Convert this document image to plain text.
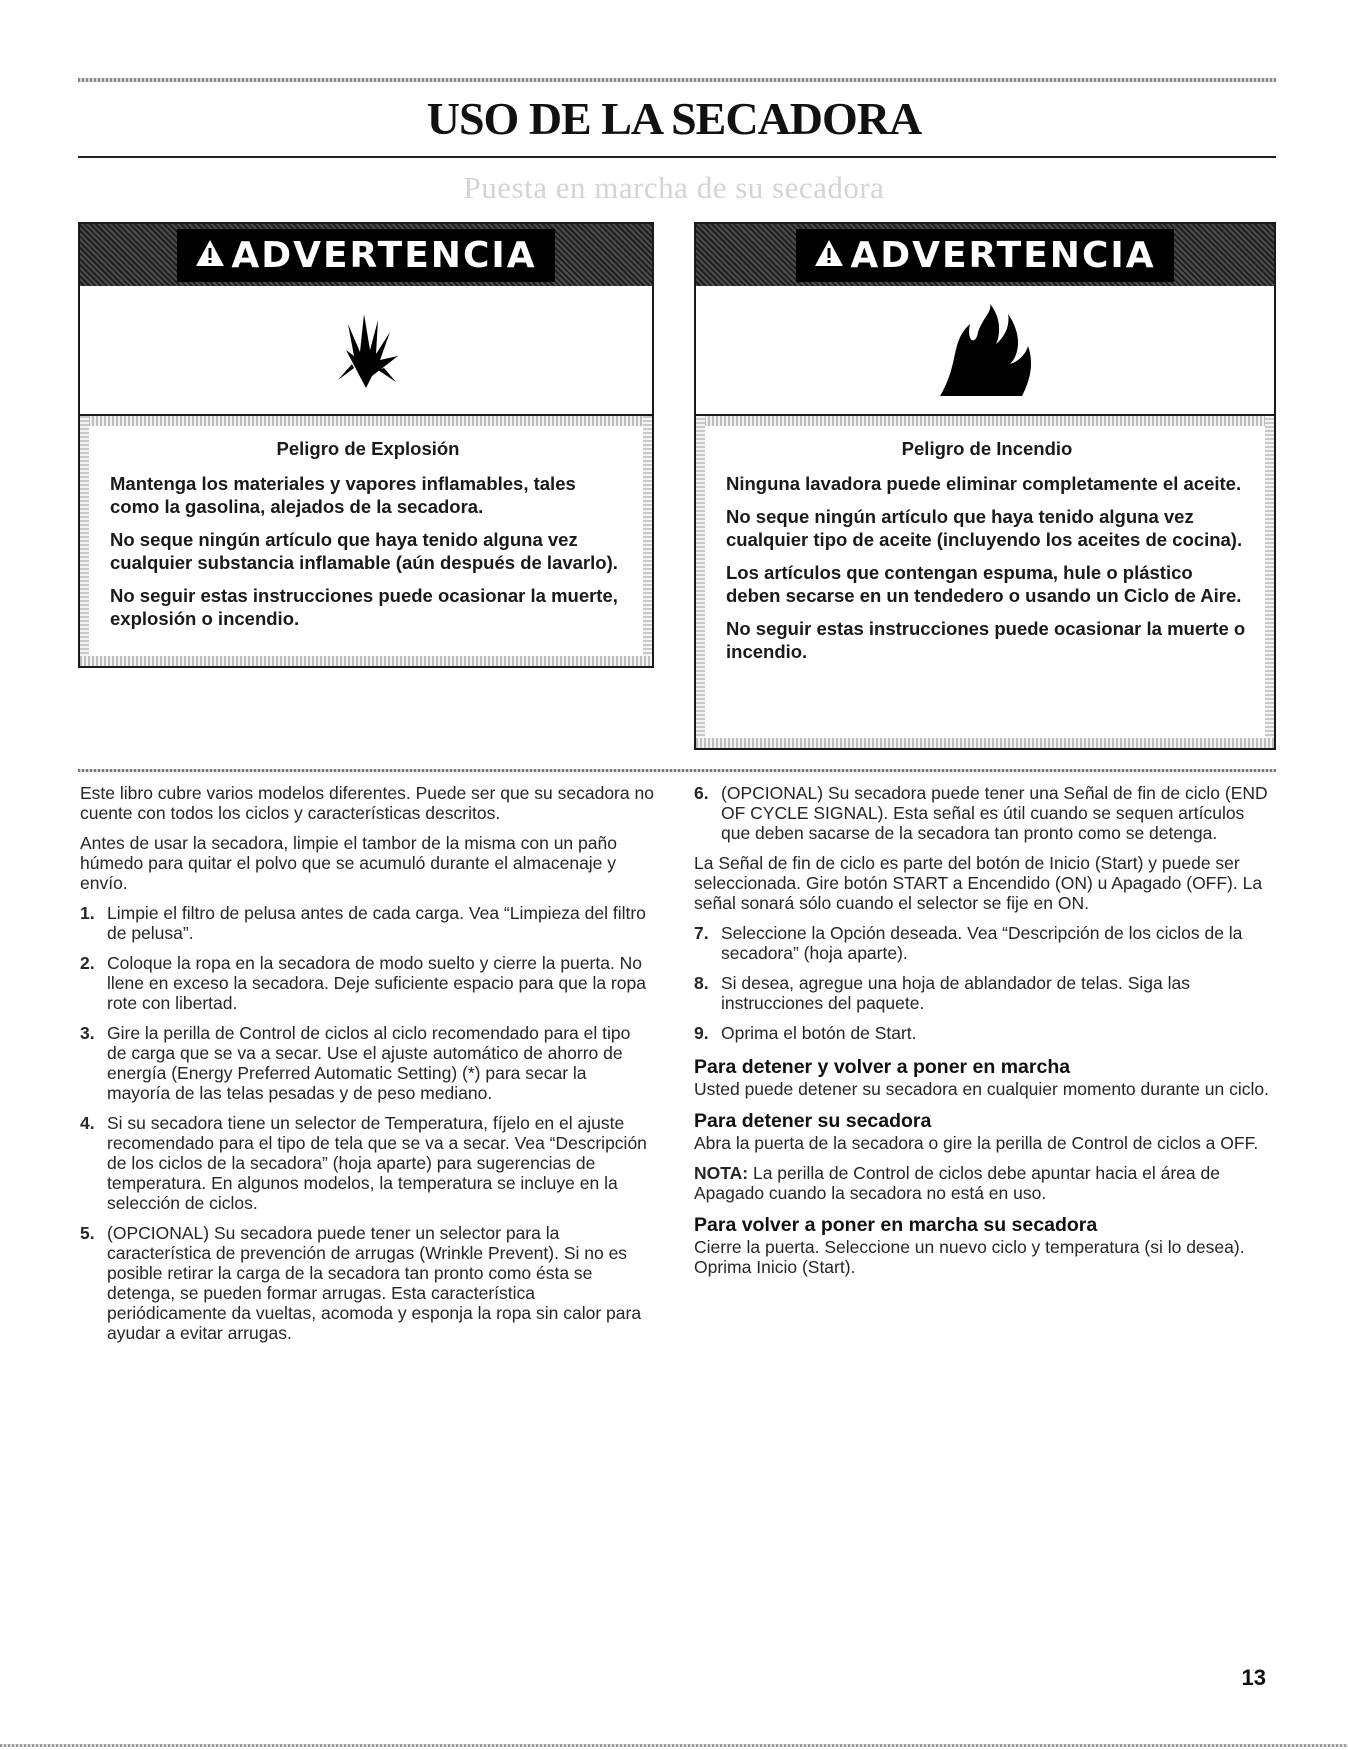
USO DE LA SECADORA
Puesta en marcha de su secadora
ADVERTENCIA
Peligro de Explosión

Mantenga los materiales y vapores inflamables, tales como la gasolina, alejados de la secadora.

No seque ningún artículo que haya tenido alguna vez cualquier substancia inflamable (aún después de lavarlo).

No seguir estas instrucciones puede ocasionar la muerte, explosión o incendio.

ADVERTENCIA
Peligro de Incendio

Ninguna lavadora puede eliminar completamente el aceite.

No seque ningún artículo que haya tenido alguna vez cualquier tipo de aceite (incluyendo los aceites de cocina).

Los artículos que contengan espuma, hule o plástico deben secarse en un tendedero o usando un Ciclo de Aire.

No seguir estas instrucciones puede ocasionar la muerte o incendio.

Este libro cubre varios modelos diferentes. Puede ser que su secadora no cuente con todos los ciclos y características descritos.

Antes de usar la secadora, limpie el tambor de la misma con un paño húmedo para quitar el polvo que se acumuló durante el almacenaje y envío.

1. Limpie el filtro de pelusa antes de cada carga. Vea “Limpieza del filtro de pelusa”.
2. Coloque la ropa en la secadora de modo suelto y cierre la puerta. No llene en exceso la secadora. Deje suficiente espacio para que la ropa rote con libertad.
3. Gire la perilla de Control de ciclos al ciclo recomendado para el tipo de carga que se va a secar. Use el ajuste automático de ahorro de energía (Energy Preferred Automatic Setting) (*) para secar la mayoría de las telas pesadas y de peso mediano.
4. Si su secadora tiene un selector de Temperatura, fíjelo en el ajuste recomendado para el tipo de tela que se va a secar. Vea “Descripción de los ciclos de la secadora” (hoja aparte) para sugerencias de temperatura. En algunos modelos, la temperatura se incluye en la selección de ciclos.
5. (OPCIONAL) Su secadora puede tener un selector para la característica de prevención de arrugas (Wrinkle Prevent). Si no es posible retirar la carga de la secadora tan pronto como ésta se detenga, se pueden formar arrugas. Esta característica periódicamente da vueltas, acomoda y esponja la ropa sin calor para ayudar a evitar arrugas.
6. (OPCIONAL) Su secadora puede tener una Señal de fin de ciclo (END OF CYCLE SIGNAL). Esta señal es útil cuando se sequen artículos que deben sacarse de la secadora tan pronto como se detenga.

La Señal de fin de ciclo es parte del botón de Inicio (Start) y puede ser seleccionada. Gire botón START a Encendido (ON) u Apagado (OFF). La señal sonará sólo cuando el selector se fije en ON.

7. Seleccione la Opción deseada. Vea “Descripción de los ciclos de la secadora” (hoja aparte).
8. Si desea, agregue una hoja de ablandador de telas. Siga las instrucciones del paquete.
9. Oprima el botón de Start.
Para detener y volver a poner en marcha

Usted puede detener su secadora en cualquier momento durante un ciclo.

Para detener su secadora

Abra la puerta de la secadora o gire la perilla de Control de ciclos a OFF.

NOTA: La perilla de Control de ciclos debe apuntar hacia el área de Apagado cuando la secadora no está en uso.

Para volver a poner en marcha su secadora

Cierre la puerta. Seleccione un nuevo ciclo y temperatura (si lo desea). Oprima Inicio (Start).

13
